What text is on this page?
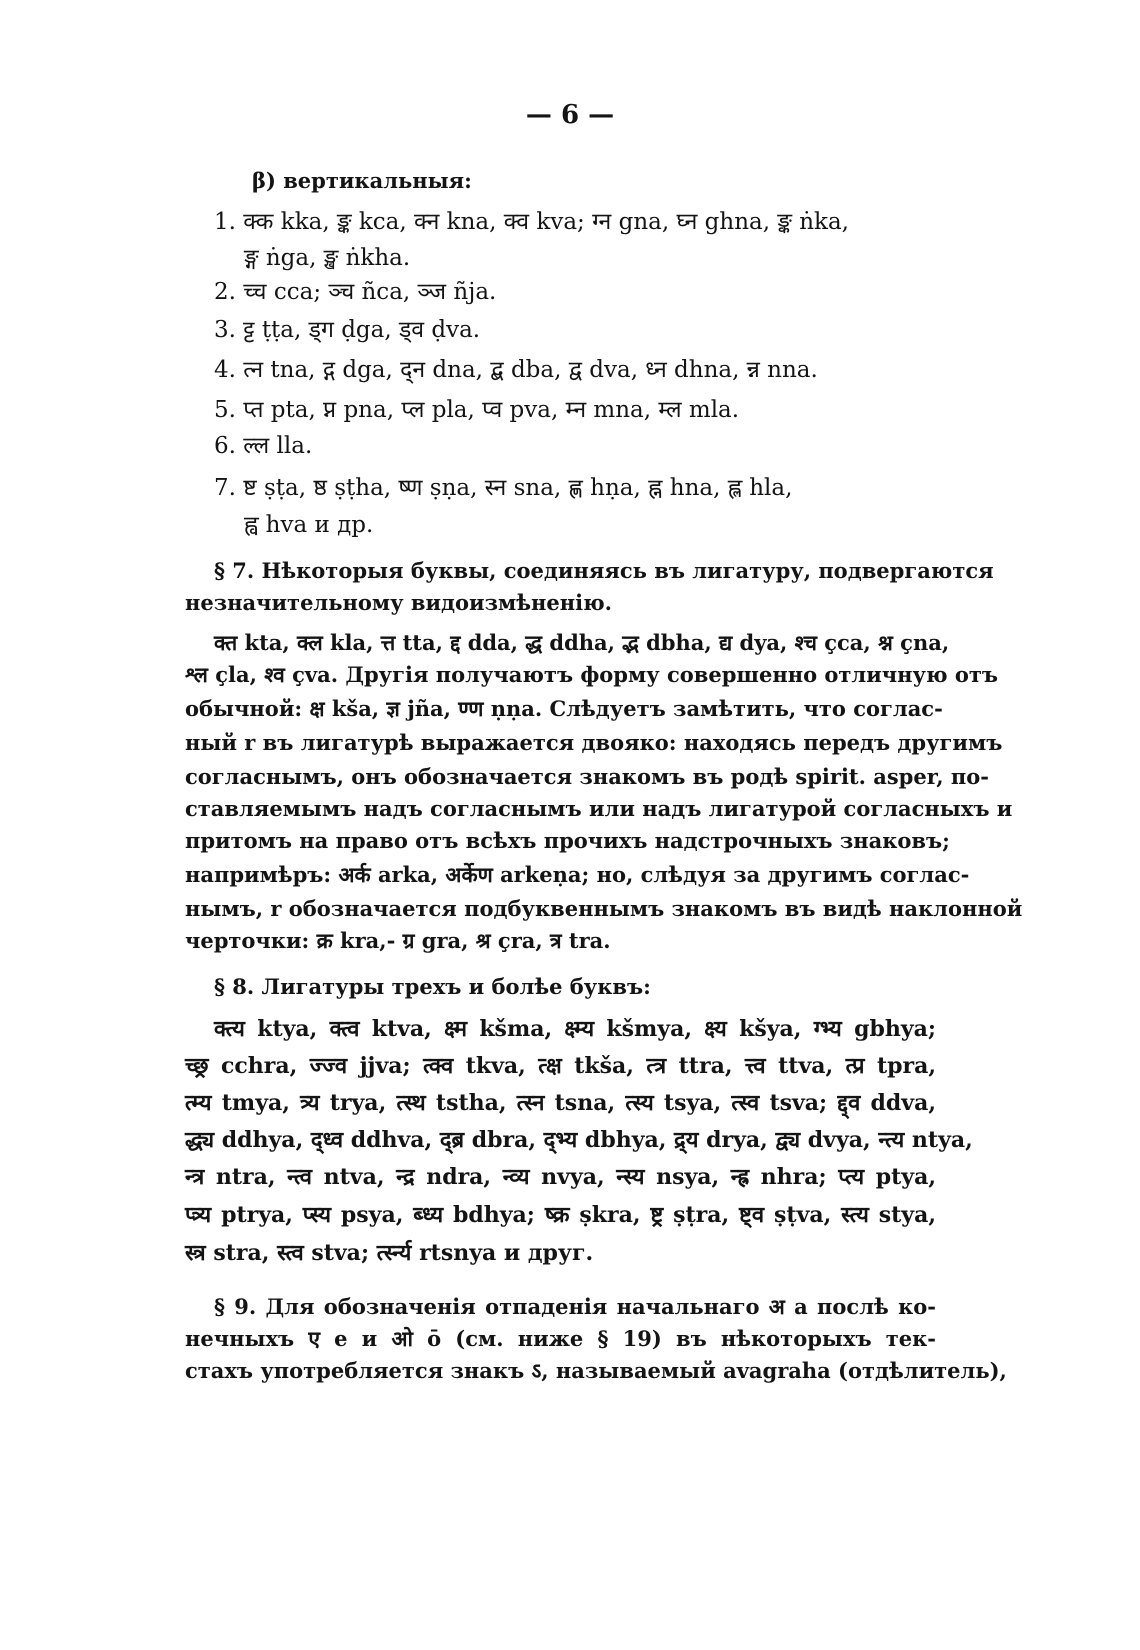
— 6 —
β) вертикальныя:
1. क्क kka, ङ्क kca, क्न kna, क्व kva; ग्न gna, घ्न ghna, ङ्क ṅka,
ङ्ग ṅga, ङ्ख ṅkha.
2. च्च cca; ञ्च ñca, ञ्ज ñja.
3. ट्ट ṭṭa, ड्ग ḍga, ड्व ḍva.
4. त्न tna, द्ग dga, द्न dna, द्ब dba, द्व dva, ध्न dhna, न्न nna.
5. प्त pta, प्न pna, प्ल pla, प्व pva, म्न mna, म्ल mla.
6. ल्ल lla.
7. ष्ट ṣṭa, ष्ठ ṣṭha, ष्ण ṣṇa, स्न sna, ह्ण hṇa, ह्न hna, ह्ल hla,
ह्व hva и др.
§ 7. Нѣкоторыя буквы, соединяясь въ лигатуру, подвергаются
незначительному видоизмѣненію.
क्त kta, क्ल kla, त्त tta, द्द dda, द्ध ddha, द्भ dbha, द्य dya, श्च çca, श्न çna,
श्ल çla, श्व çva. Другія получаютъ форму совершенно отличную отъ
обычной: क्ष kša, ज्ञ jña, ण्ण ṇṇa. Слѣдуетъ замѣтить, что соглас-
ный r въ лигатурѣ выражается двояко: находясь передъ другимъ
согласнымъ, онъ обозначается знакомъ въ родѣ spirit. asper, по-
ставляемымъ надъ согласнымъ или надъ лигатурой согласныхъ и
притомъ на право отъ всѣхъ прочихъ надстрочныхъ знаковъ;
напримѣръ: अर्क arka, अर्केण arkeṇa; но, слѣдуя за другимъ соглас-
нымъ, r обозначается подбуквеннымъ знакомъ въ видѣ наклонной
черточки: क्र kra,- ग्र gra, श्र çra, त्र tra.
§ 8. Лигатуры трехъ и болѣе буквъ:
क्त्य ktya, क्त्व ktva, क्ष्म kšma, क्ष्म्य kšmya, क्ष्य kšya, ग्भ्य gbhya;
च्छ्र cchra, ज्ज्व jjva; त्क्व tkva, त्क्ष tkša, त्त्र ttra, त्त्व ttva, त्प्र tpra,
त्म्य tmya, त्र्य trya, त्स्थ tstha, त्स्न tsna, त्स्य tsya, त्स्व tsva; द्द्व ddva,
द्ध्य ddhya, द्ध्व ddhva, द्ब्र dbra, द्भ्य dbhya, द्र्य drya, द्व्य dvya, न्त्य ntya,
न्त्र ntra, न्त्व ntva, न्द्र ndra, न्व्य nvya, न्स्य nsya, न्ह्र nhra; प्त्य ptya,
प्त्र्य ptrya, प्स्य psya, ब्ध्य bdhya; ष्क्र ṣkra, ष्ट्र ṣṭra, ष्ट्व ṣṭva, स्त्य stya,
स्त्र stra, स्त्व stva; र्त्स्न्य rtsnya и друг.
§ 9. Для обозначенія отпаденія начальнаго अ a послѣ ко-
нечныхъ ए e и ओ ō (см. ниже § 19) въ нѣкоторыхъ тек-
стахъ употребляется знакъ ऽ, называемый avagraha (отдѣлитель),
